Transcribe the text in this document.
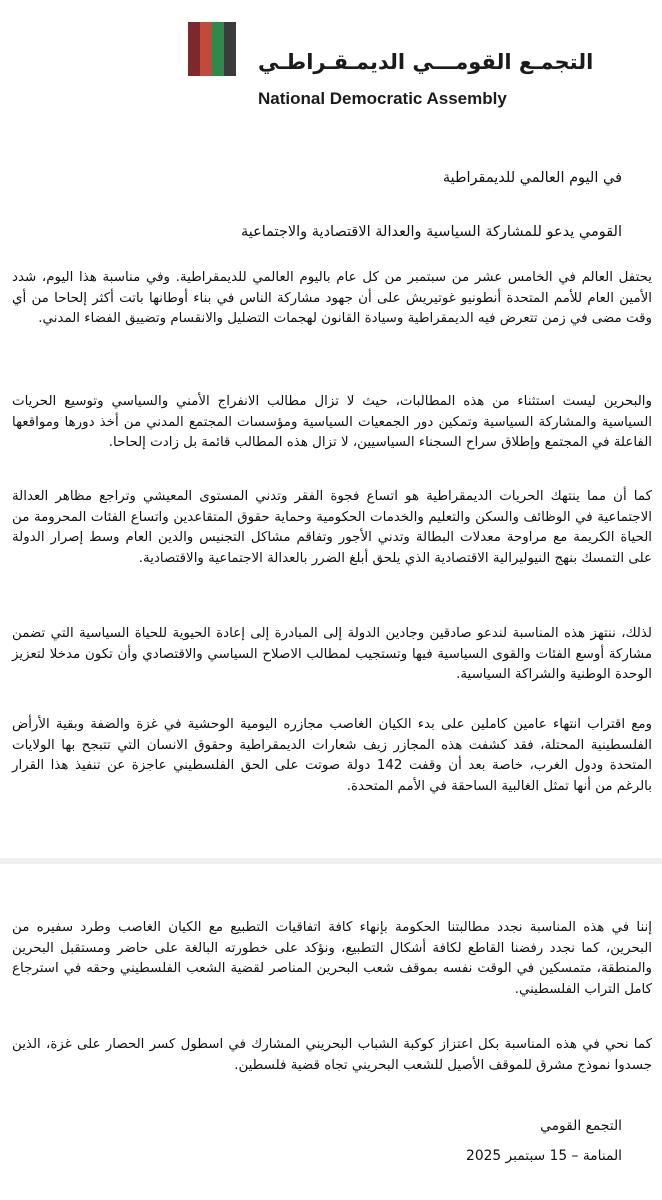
التجمـع القومـــي الديمـقـراطـي
National Democratic Assembly
في اليوم العالمي للديمقراطية
القومي يدعو للمشاركة السياسية والعدالة الاقتصادية والاجتماعية
يحتفل العالم في الخامس عشر من سبتمبر من كل عام باليوم العالمي للديمقراطية. وفي مناسبة هذا اليوم، شدد الأمين العام للأمم المتحدة أنطونيو غوتيريش على أن جهود مشاركة الناس في بناء أوطانها باتت أكثر إلحاحا من أي وقت مضى في زمن تتعرض فيه الديمقراطية وسيادة القانون لهجمات التضليل والانقسام وتضييق الفضاء المدني.
والبحرين ليست استثناء من هذه المطالبات، حيث لا تزال مطالب الانفراج الأمني والسياسي وتوسيع الحريات السياسية والمشاركة السياسية وتمكين دور الجمعيات السياسية ومؤسسات المجتمع المدني من أخذ دورها ومواقعها الفاعلة في المجتمع وإطلاق سراح السجناء السياسيين، لا تزال هذه المطالب قائمة بل زادت إلحاحا.
كما أن مما ينتهك الحريات الديمقراطية هو اتساع فجوة الفقر وتدني المستوى المعيشي وتراجع مظاهر العدالة الاجتماعية في الوظائف والسكن والتعليم والخدمات الحكومية وحماية حقوق المتقاعدين واتساع الفئات المحرومة من الحياة الكريمة مع مراوحة معدلات البطالة وتدني الأجور وتفاقم مشاكل التجنيس والدين العام وسط إصرار الدولة على التمسك بنهج النيوليرالية الاقتصادية الذي يلحق أبلغ الضرر بالعدالة الاجتماعية والاقتصادية.
لذلك، ننتهز هذه المناسبة لندعو صادقين وجادين الدولة إلى المبادرة إلى إعادة الحيوية للحياة السياسية التي تضمن مشاركة أوسع الفئات والقوى السياسية فيها وتستجيب لمطالب الاصلاح السياسي والاقتصادي وأن تكون مدخلا لتعزيز الوحدة الوطنية والشراكة السياسية.
ومع اقتراب انتهاء عامين كاملين على بدء الكيان الغاصب مجازره اليومية الوحشية في غزة والضفة وبقية الأرأض الفلسطينية المحتلة، فقد كشفت هذه المجازر زيف شعارات الديمقراطية وحقوق الانسان التي تتبجح بها الولايات المتحدة ودول الغرب، خاصة بعد أن وقفت 142 دولة صوتت على الحق الفلسطيني عاجزة عن تنفيذ هذا القرار بالرغم من أنها تمثل الغالبية الساحقة في الأمم المتحدة.
إننا في هذه المناسبة نجدد مطالبتنا الحكومة بإنهاء كافة اتفاقيات التطبيع مع الكيان الغاصب وطرد سفيره من البحرين، كما نجدد رفضنا القاطع لكافة أشكال التطبيع، ونؤكد على خطورته البالغة على حاضر ومستقبل البحرين والمنطقة، متمسكين في الوقت نفسه بموقف شعب البحرين المناصر لقضية الشعب الفلسطيني وحقه في استرجاع كامل التراب الفلسطيني.
كما نحي في هذه المناسبة بكل اعتزاز كوكبة الشباب البحريني المشارك في اسطول كسر الحصار على غزة، الذين جسدوا نموذج مشرق للموقف الأصيل للشعب البحريني تجاه قضية فلسطين.
التجمع القومي
المنامة – 15 سبتمبر 2025
